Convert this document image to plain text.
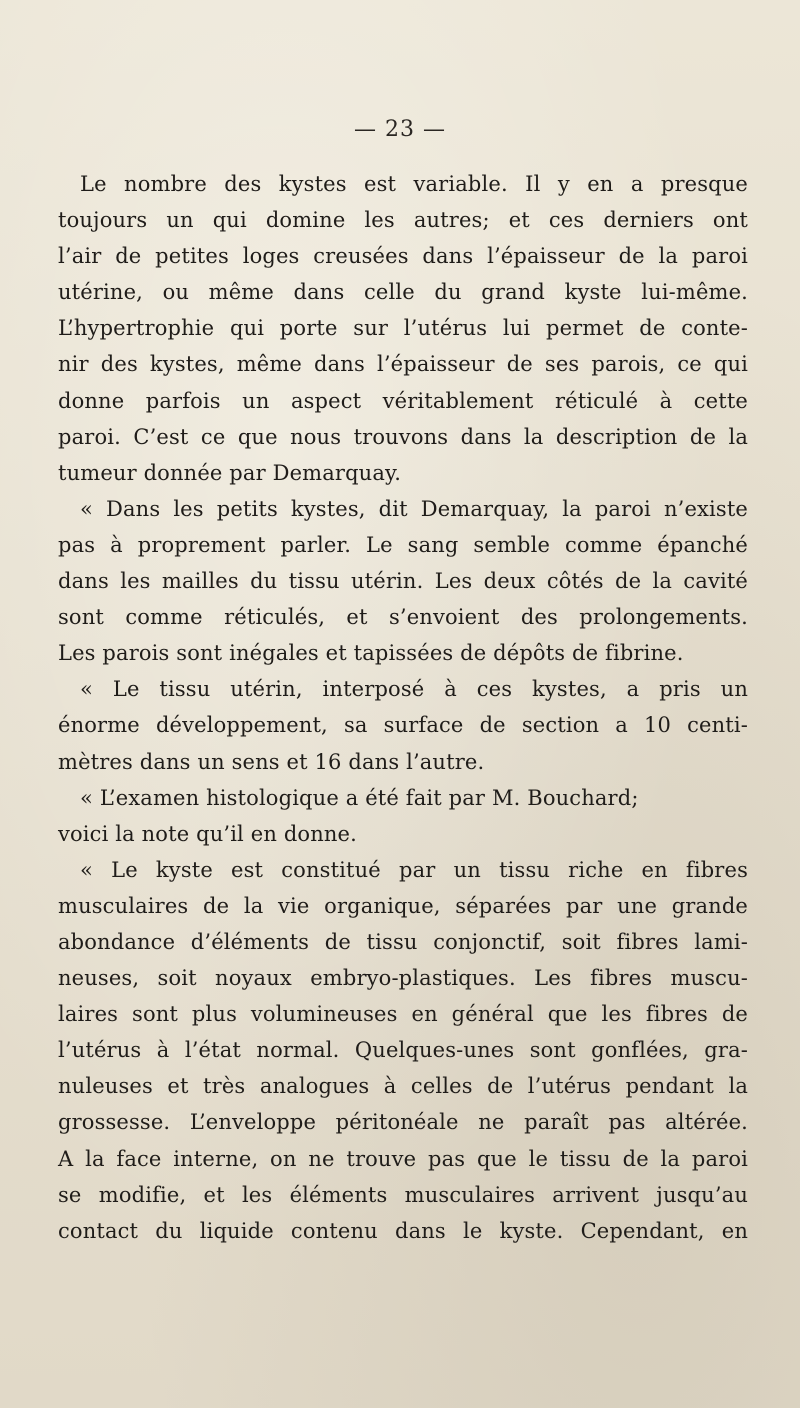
— 23 —
Le nombre des kystes est variable. Il y en a presque
toujours un qui domine les autres; et ces derniers ont
l’air de petites loges creusées dans l’épaisseur de la paroi
utérine, ou même dans celle du grand kyste lui-même.
L’hypertrophie qui porte sur l’utérus lui permet de conte-
nir des kystes, même dans l’épaisseur de ses parois, ce qui
donne parfois un aspect véritablement réticulé à cette
paroi. C’est ce que nous trouvons dans la description de la
tumeur donnée par Demarquay.
« Dans les petits kystes, dit Demarquay, la paroi n’existe
pas à proprement parler. Le sang semble comme épanché
dans les mailles du tissu utérin. Les deux côtés de la cavité
sont comme réticulés, et s’envoient des prolongements.
Les parois sont inégales et tapissées de dépôts de fibrine.
« Le tissu utérin, interposé à ces kystes, a pris un
énorme développement, sa surface de section a 10 centi-
mètres dans un sens et 16 dans l’autre.
« L’examen histologique a été fait par M. Bouchard;
voici la note qu’il en donne.
« Le kyste est constitué par un tissu riche en fibres
musculaires de la vie organique, séparées par une grande
abondance d’éléments de tissu conjonctif, soit fibres lami-
neuses, soit noyaux embryo-plastiques. Les fibres muscu-
laires sont plus volumineuses en général que les fibres de
l’utérus à l’état normal. Quelques-unes sont gonflées, gra-
nuleuses et très analogues à celles de l’utérus pendant la
grossesse. L’enveloppe péritonéale ne paraît pas altérée.
A la face interne, on ne trouve pas que le tissu de la paroi
se modifie, et les éléments musculaires arrivent jusqu’au
contact du liquide contenu dans le kyste. Cependant, en
